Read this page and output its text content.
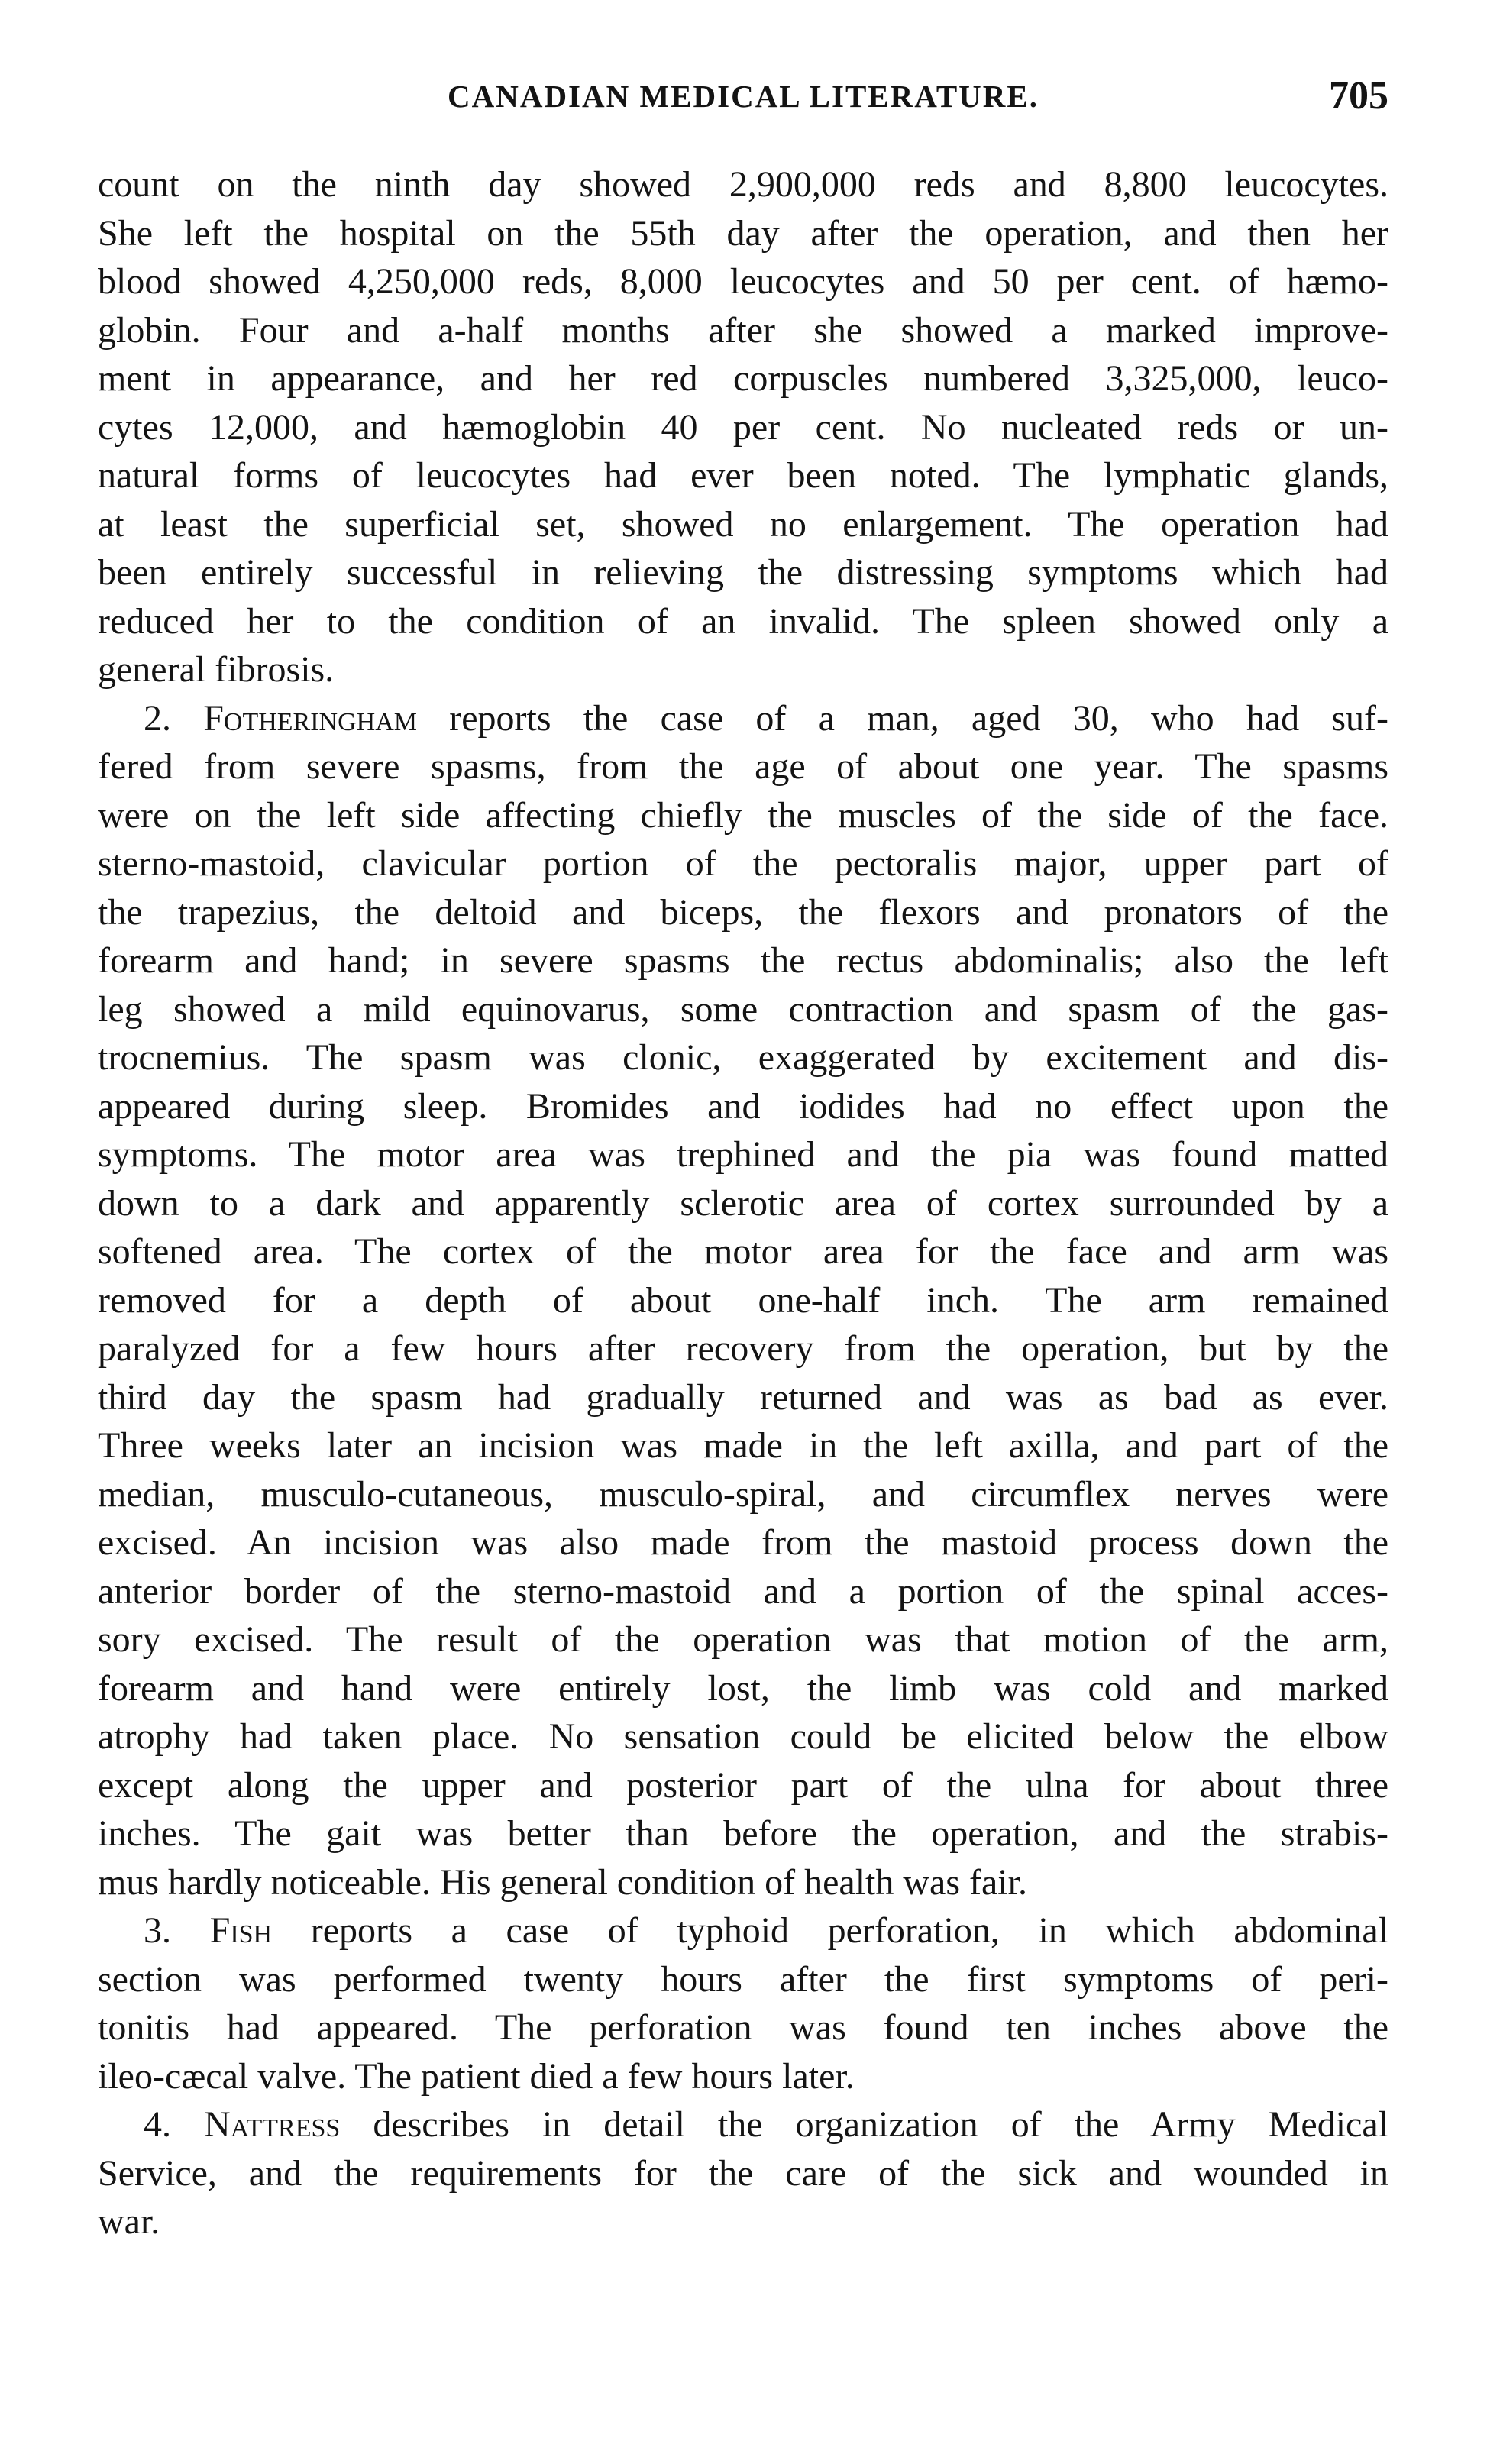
CANADIAN MEDICAL LITERATURE.	705
count on the ninth day showed 2,900,000 reds and 8,800 leucocytes.
She left the hospital on the 55th day after the operation, and then her
blood showed 4,250,000 reds, 8,000 leucocytes and 50 per cent. of hæmo-
globin. Four and a-half months after she showed a marked improve-
ment in appearance, and her red corpuscles numbered 3,325,000, leuco-
cytes 12,000, and hæmoglobin 40 per cent. No nucleated reds or un-
natural forms of leucocytes had ever been noted. The lymphatic glands,
at least the superficial set, showed no enlargement. The operation had
been entirely successful in relieving the distressing symptoms which had
reduced her to the condition of an invalid. The spleen showed only a
general fibrosis.
2. Fotheringham reports the case of a man, aged 30, who had suf-
fered from severe spasms, from the age of about one year. The spasms
were on the left side affecting chiefly the muscles of the side of the face.
sterno-mastoid, clavicular portion of the pectoralis major, upper part of
the trapezius, the deltoid and biceps, the flexors and pronators of the
forearm and hand; in severe spasms the rectus abdominalis; also the left
leg showed a mild equinovarus, some contraction and spasm of the gas-
trocnemius. The spasm was clonic, exaggerated by excitement and dis-
appeared during sleep. Bromides and iodides had no effect upon the
symptoms. The motor area was trephined and the pia was found matted
down to a dark and apparently sclerotic area of cortex surrounded by a
softened area. The cortex of the motor area for the face and arm was
removed for a depth of about one-half inch. The arm remained
paralyzed for a few hours after recovery from the operation, but by the
third day the spasm had gradually returned and was as bad as ever.
Three weeks later an incision was made in the left axilla, and part of the
median, musculo-cutaneous, musculo-spiral, and circumflex nerves were
excised. An incision was also made from the mastoid process down the
anterior border of the sterno-mastoid and a portion of the spinal acces-
sory excised. The result of the operation was that motion of the arm,
forearm and hand were entirely lost, the limb was cold and marked
atrophy had taken place. No sensation could be elicited below the elbow
except along the upper and posterior part of the ulna for about three
inches. The gait was better than before the operation, and the strabis-
mus hardly noticeable. His general condition of health was fair.
3. Fish reports a case of typhoid perforation, in which abdominal
section was performed twenty hours after the first symptoms of peri-
tonitis had appeared. The perforation was found ten inches above the
ileo-cæcal valve. The patient died a few hours later.
4. Nattress describes in detail the organization of the Army Medical
Service, and the requirements for the care of the sick and wounded in
war.
